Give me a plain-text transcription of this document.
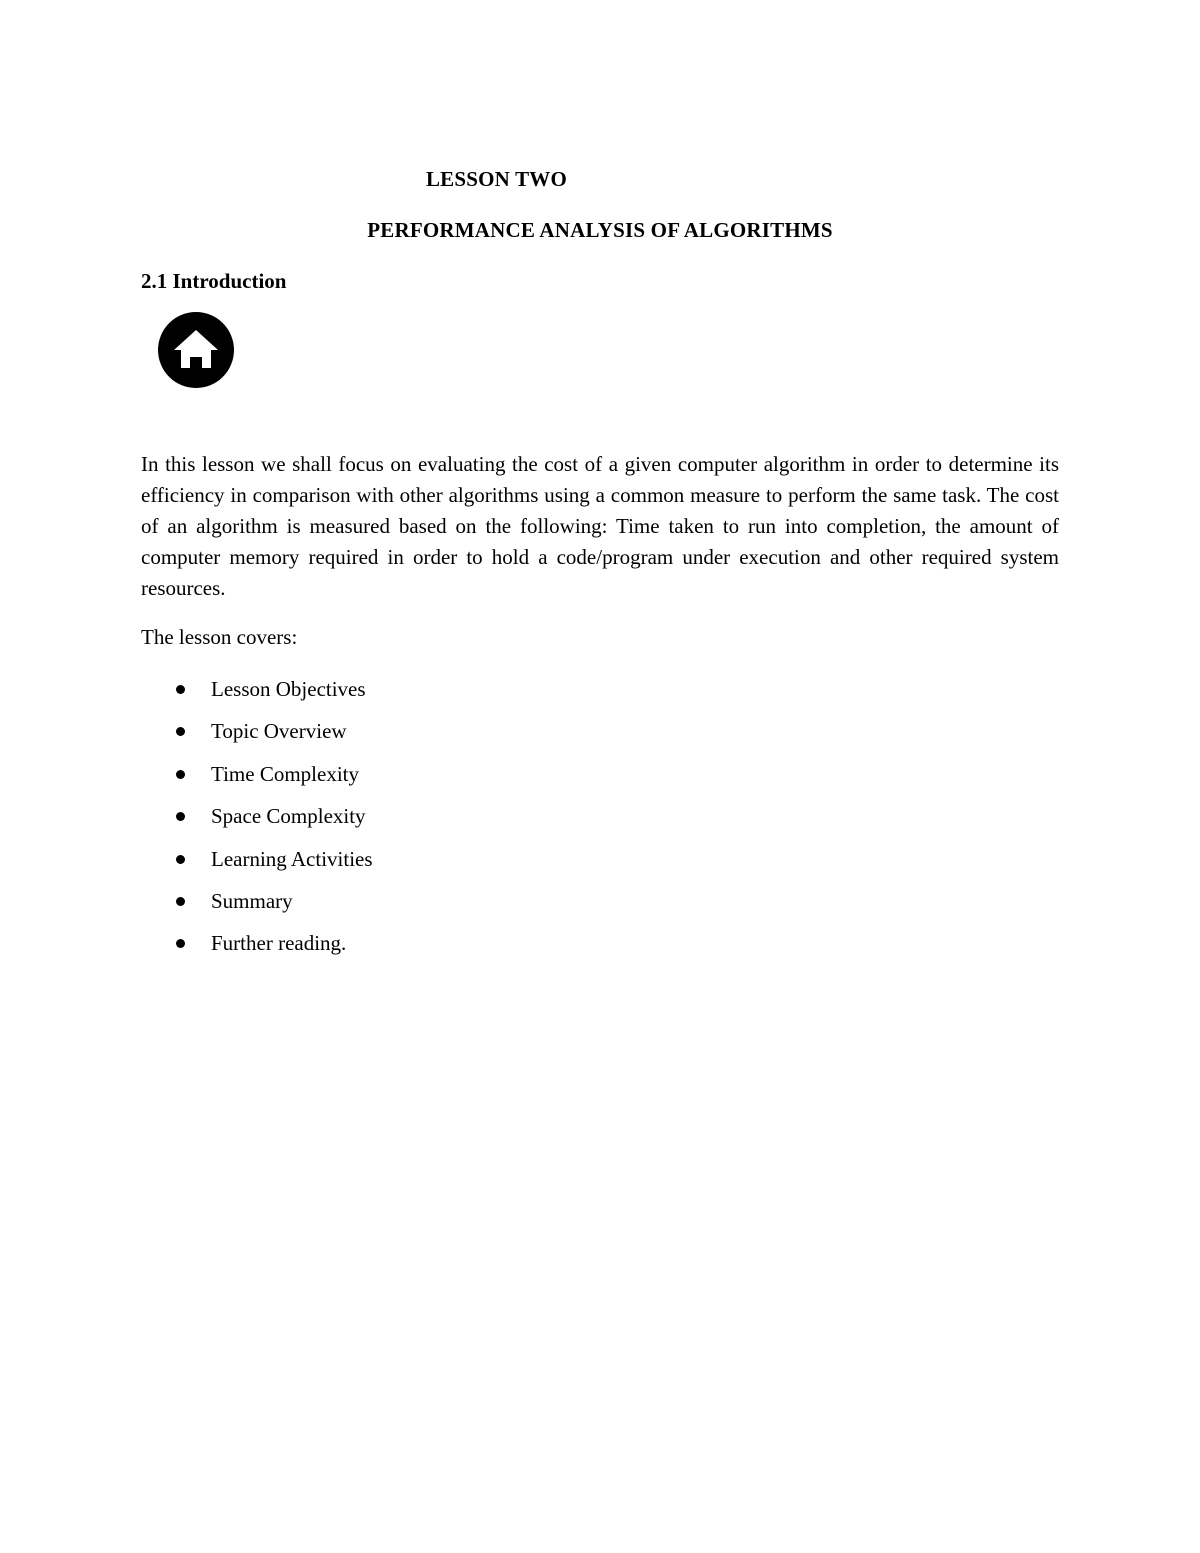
LESSON TWO
PERFORMANCE ANALYSIS OF ALGORITHMS
2.1 Introduction

In this lesson we shall focus on evaluating the cost of a given computer algorithm in order to determine its efficiency in comparison with other algorithms using a common measure to perform the same task. The cost of an algorithm is measured based on the following: Time taken to run into completion, the amount of computer memory required in order to hold a code/program under execution and other required system resources.

The lesson covers:
Lesson Objectives
Topic Overview
Time Complexity
Space Complexity
Learning Activities
Summary
Further reading.
